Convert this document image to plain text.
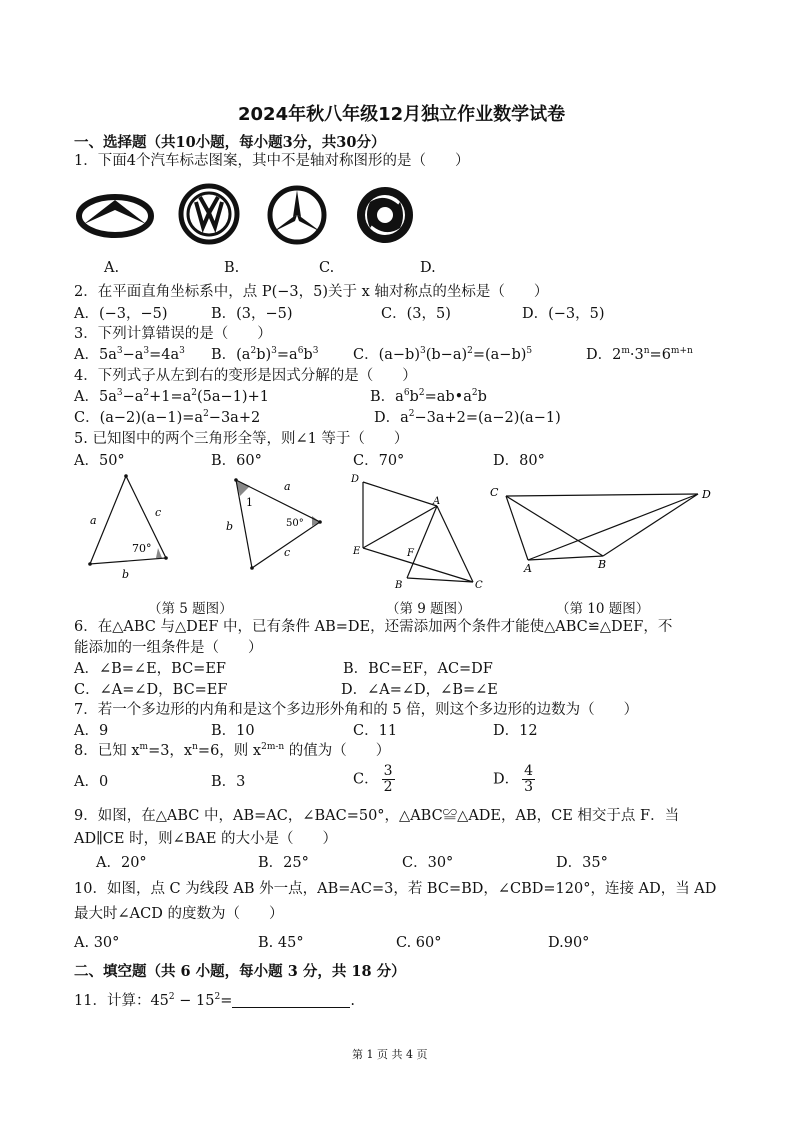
2024年秋八年级12月独立作业数学试卷
一、选择题（共10小题，每小题3分，共30分）
1．下面4个汽车标志图案，其中不是轴对称图形的是（　　）
A.	B.	C.	D.
2．在平面直角坐标系中，点 P(−3，5)关于 x 轴对称点的坐标是（　　）
A．(−3，−5)	B．(3，−5)	C．(3，5)	D．(−3，5)
3．下列计算错误的是（　　）
A．$5a^3-a^3=4a^3$ B．$(a^2b)^3=a^6b^3$ C．$(a-b)^3(b-a)^2=(a-b)^5$	D．$2^m\cdot 3^n=6^{m+n}$
4．下列式子从左到右的变形是因式分解的是（　　）
A．$5a^3-a^2+1=a^2(5a-1)+1$	B．$a^6b^2=ab•a^2b$
C．$(a-2)(a-1)=a^2-3a+2$	D．$a^2-3a+2=(a-2)(a-1)$
5. 已知图中的两个三角形全等，则∠1 等于（　　）
A．50°	B．60°	C．70°	D．80°
a
c
b
70°
1
a
b
c
50°
D
A
E	F
B	C
C	D
A	B
（第 5 题图）	（第 9 题图）	（第 10 题图）
6．在△ABC 与△DEF 中，已有条件 AB=DE，还需添加两个条件才能使△ABC≌△DEF，不
能添加的一组条件是（　　）
A．∠B=∠E，BC=EF	B．BC=EF，AC=DF
C．∠A=∠D，BC=EF	D．∠A=∠D，∠B=∠E
7．若一个多边形的内角和是这个多边形外角和的 5 倍，则这个多边形的边数为（　　）
A．9	B．10	C．11	D．12
8．已知 $x^m=3$，$x^n=6$，则 $x^{2m-n}$ 的值为（　　）
A．0	B．3	C． $\frac{3}{2}$	D． $\frac{4}{3}$
9．如图，在△ABC 中，AB=AC，∠BAC=50°，△ABC≌△ADE，AB，CE 相交于点 F．当
AD∥CE 时，则∠BAE 的大小是（　　）
A．20°	B．25°	C．30°	D．35°
10．如图，点 C 为线段 AB 外一点，AB=AC=3，若 BC=BD，∠CBD=120°，连接 AD，当 AD
最大时∠ACD 的度数为（　　）
A. 30°	B. 45°	C. 60°	D.90°
二、填空题（共 6 小题，每小题 3 分，共 18 分）
11．计算：$45^2 - 15^2=$	.
第 1 页 共 4 页
